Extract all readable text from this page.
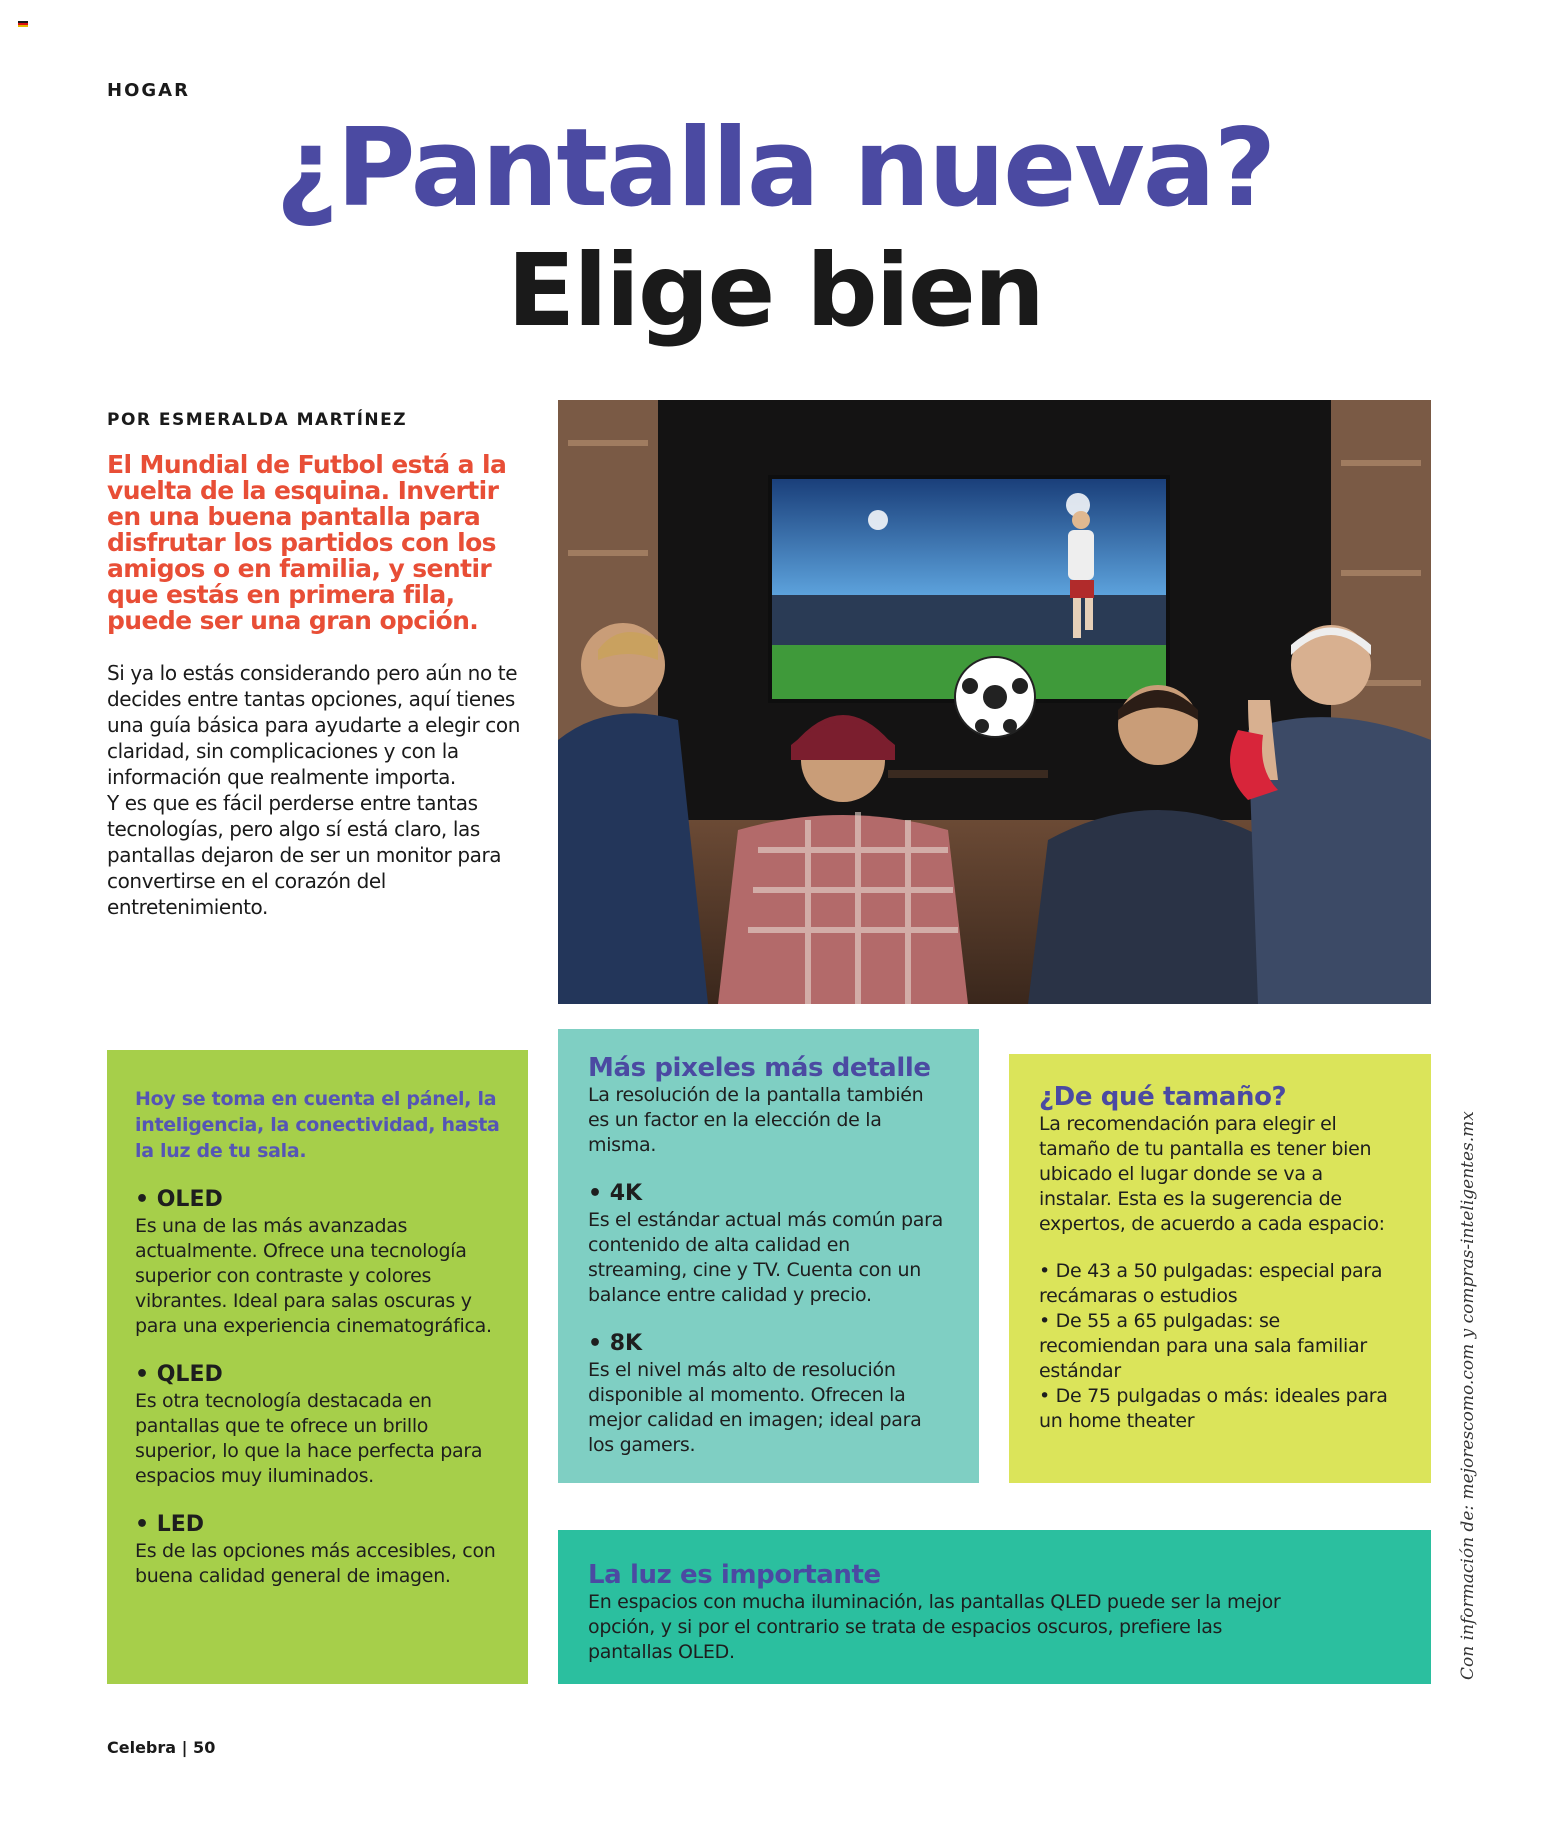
HOGAR
¿Pantalla nueva?
Elige bien
POR ESMERALDA MARTÍNEZ
El Mundial de Futbol está a la vuelta de la esquina. Invertir en una buena pantalla para disfrutar los partidos con los amigos o en familia, y sentir que estás en primera fila, puede ser una gran opción.

Si ya lo estás considerando pero aún no te decides entre tantas opciones, aquí tienes una guía básica para ayudarte a elegir con claridad, sin complicaciones y con la información que realmente importa.

Y es que es fácil perderse entre tantas tecnologías, pero algo sí está claro, las pantallas dejaron de ser un monitor para convertirse en el corazón del entretenimiento.

Hoy se toma en cuenta el pánel, la inteligencia, la conectividad, hasta la luz de tu sala.
• OLED
Es una de las más avanzadas actualmente. Ofrece una tecnología superior con contraste y colores vibrantes. Ideal para salas oscuras y para una experiencia cinematográfica.
• QLED
Es otra tecnología destacada en pantallas que te ofrece un brillo superior, lo que la hace perfecta para espacios muy iluminados.
• LED
Es de las opciones más accesibles, con buena calidad general de imagen.
Más pixeles más detalle
La resolución de la pantalla también es un factor en la elección de la misma.
• 4K
Es el estándar actual más común para contenido de alta calidad en streaming, cine y TV. Cuenta con un balance entre calidad y precio.
• 8K
Es el nivel más alto de resolución disponible al momento. Ofrecen la mejor calidad en imagen; ideal para los gamers.
¿De qué tamaño?
La recomendación para elegir el tamaño de tu pantalla es tener bien ubicado el lugar donde se va a instalar. Esta es la sugerencia de expertos, de acuerdo a cada espacio:
• De 43 a 50 pulgadas: especial para recámaras o estudios
• De 55 a 65 pulgadas: se recomiendan para una sala familiar estándar
• De 75 pulgadas o más: ideales para un home theater
La luz es importante
En espacios con mucha iluminación, las pantallas QLED puede ser la mejor opción, y si por el contrario se trata de espacios oscuros, prefiere las pantallas OLED.	Con información de: mejorescomo.com y compras-inteligentes.mx
Celebra | 50
